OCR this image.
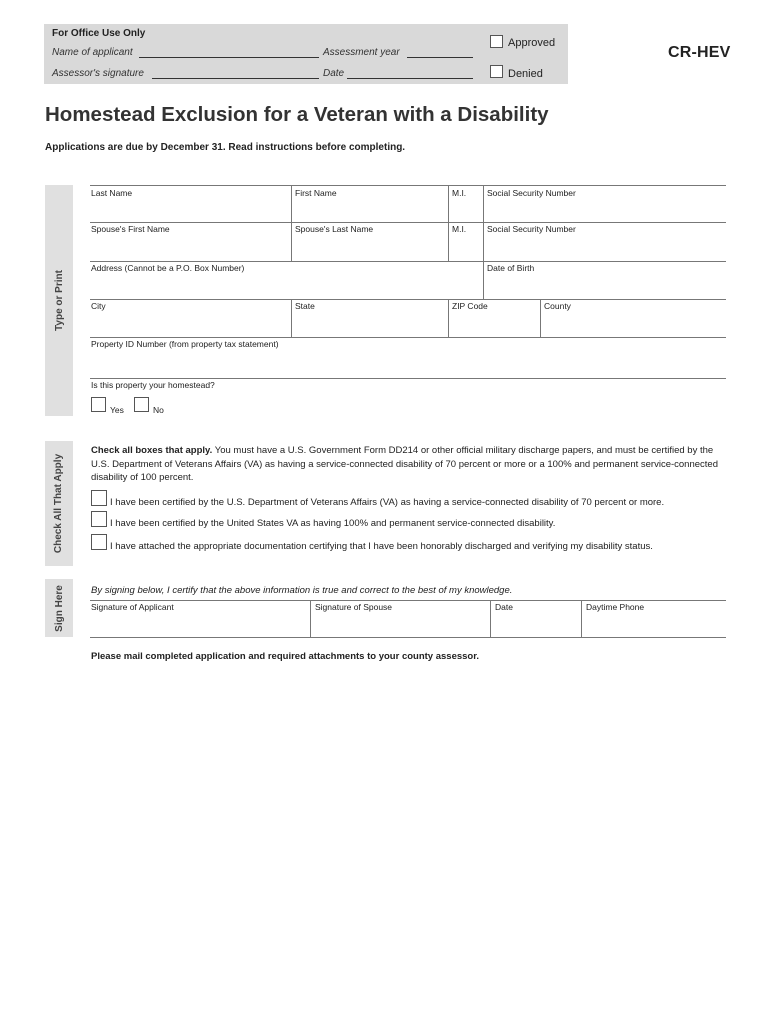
For Office Use Only
Name of applicant	Assessment year
Assessor's signature	Date
Approved
Denied
CR-HEV
Homestead Exclusion for a Veteran with a Disability
Applications are due by December 31. Read instructions before completing.
Type or Print
Last Name	First Name	M.I. Social Security Number
Spouse's First Name	Spouse's Last Name	M.I. Social Security Number
Address (Cannot be a P.O. Box Number)	Date of Birth
City	State	ZIP Code	County
Property ID Number (from property tax statement)
Is this property your homestead?
Yes	No
Check All That Apply
Check all boxes that apply. You must have a U.S. Government Form DD214 or other official military discharge papers, and must be certified by the U.S. Department of Veterans Affairs (VA) as having a service-connected disability of 70 percent or more or a 100% and permanent service-connected disability of 100 percent.
I have been certified by the U.S. Department of Veterans Affairs (VA) as having a service-connected disability of 70 percent or more.
I have been certified by the United States VA as having 100% and permanent service-connected disability.
I have attached the appropriate documentation certifying that I have been honorably discharged and verifying my disability status.
Sign Here	By signing below, I certify that the above information is true and correct to the best of my knowledge.
Signature of Applicant	Signature of Spouse	Date	Daytime Phone
Please mail completed application and required attachments to your county assessor.
